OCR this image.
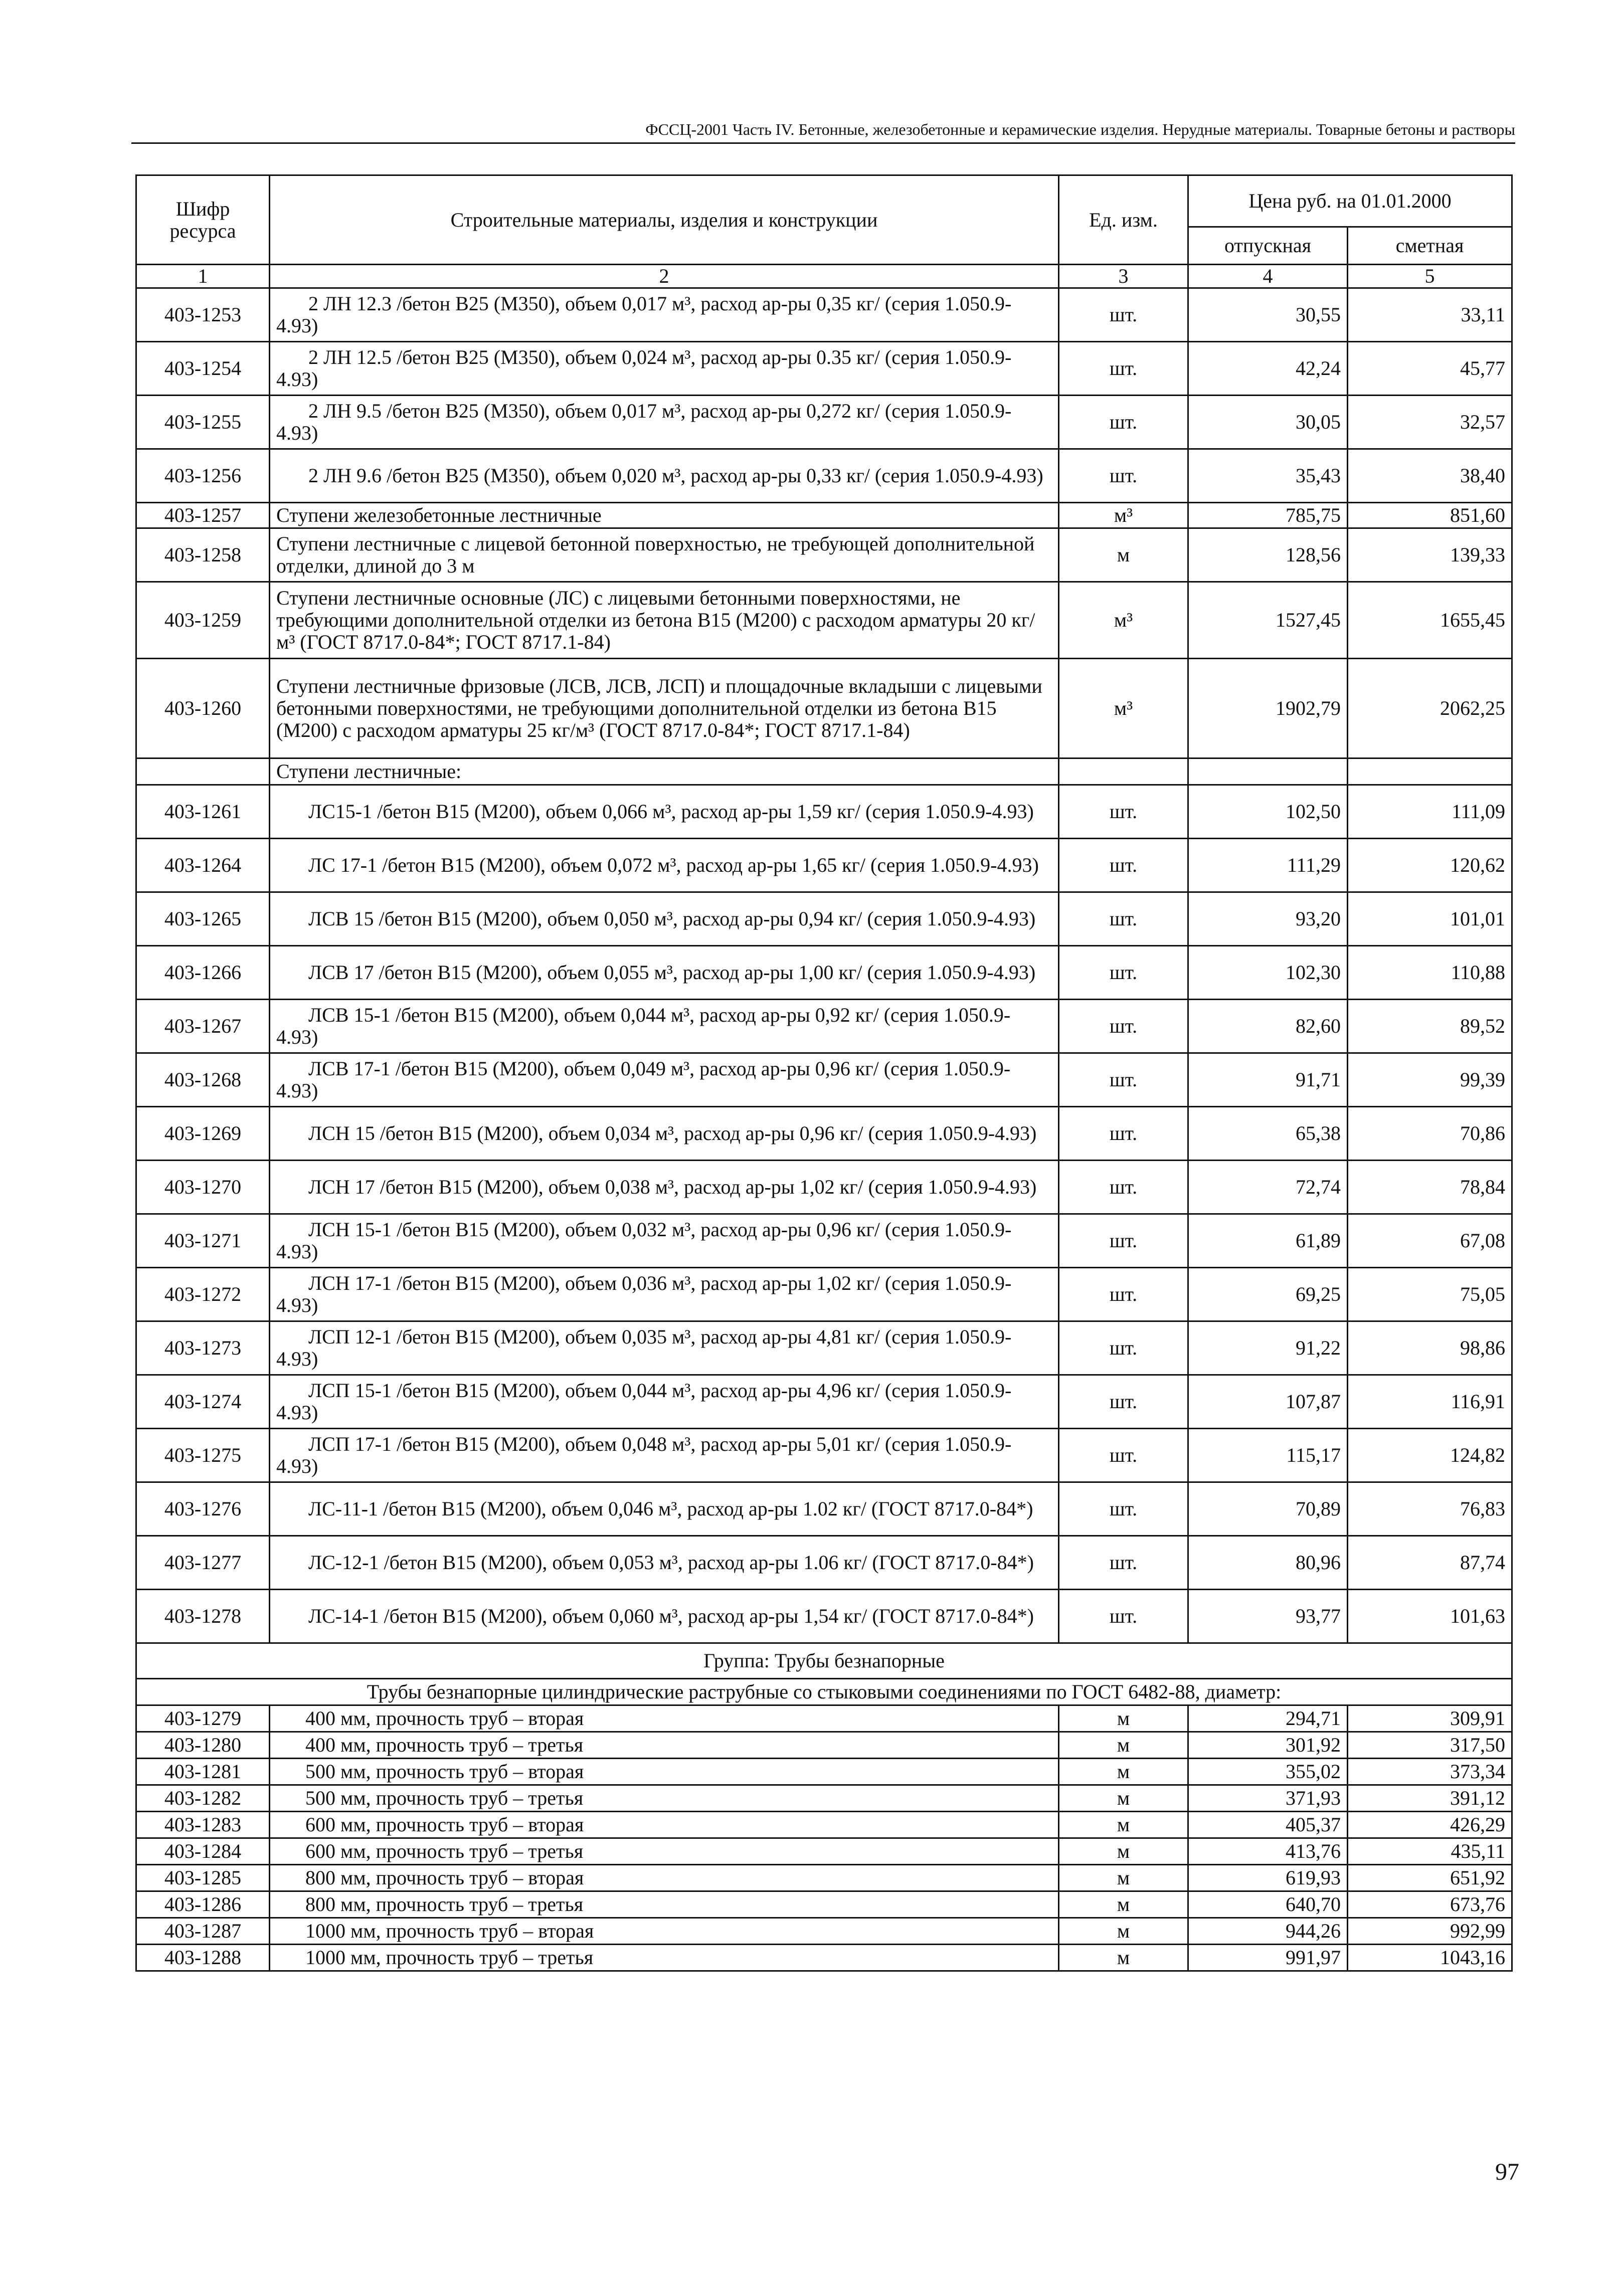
ФССЦ-2001 Часть IV. Бетонные, железобетонные и керамические изделия. Нерудные материалы. Товарные бетоны и растворы
Шифр ресурса	Строительные материалы, изделия и конструкции	Ед. изм.	Цена руб. на 01.01.2000	
			отпускная	сметная
1	2	3	4	5
403-1253	2 ЛН 12.3 /бетон В25 (М350), объем 0,017 м³, расход ар-ры 0,35 кг/ (серия 1.050.9-4.93)	шт.	30,55	33,11
403-1254	2 ЛН 12.5 /бетон В25 (М350), объем 0,024 м³, расход ар-ры 0.35 кг/ (серия 1.050.9-4.93)	шт.	42,24	45,77
403-1255	2 ЛН 9.5 /бетон В25 (М350), объем 0,017 м³, расход ар-ры 0,272 кг/ (серия 1.050.9-4.93)	шт.	30,05	32,57
403-1256	2 ЛН 9.6 /бетон В25 (М350), объем 0,020 м³, расход ар-ры 0,33 кг/ (серия 1.050.9-4.93)	шт.	35,43	38,40
403-1257	Ступени железобетонные лестничные	м³	785,75	851,60
403-1258	Ступени лестничные с лицевой бетонной поверхностью, не требующей дополнительной отделки, длиной до 3 м	м	128,56	139,33
403-1259	Ступени лестничные основные (ЛС) с лицевыми бетонными поверхностями, не требующими дополнительной отделки из бетона В15 (М200) с расходом арматуры 20 кг/м³ (ГОСТ 8717.0-84*; ГОСТ 8717.1-84)	м³	1527,45	1655,45
403-1260	Ступени лестничные фризовые (ЛСВ, ЛСВ, ЛСП) и площадочные вкладыши с лицевыми бетонными поверхностями, не требующими дополнительной отделки из бетона В15 (М200) с расходом арматуры 25 кг/м³ (ГОСТ 8717.0-84*; ГОСТ 8717.1-84)	м³	1902,79	2062,25
	Ступени лестничные:			
403-1261	ЛС15-1 /бетон В15 (М200), объем 0,066 м³, расход ар-ры 1,59 кг/ (серия 1.050.9-4.93)	шт.	102,50	111,09
403-1264	ЛС 17-1 /бетон В15 (М200), объем 0,072 м³, расход ар-ры 1,65 кг/ (серия 1.050.9-4.93)	шт.	111,29	120,62
403-1265	ЛСВ 15 /бетон В15 (М200), объем 0,050 м³, расход ар-ры 0,94 кг/ (серия 1.050.9-4.93)	шт.	93,20	101,01
403-1266	ЛСВ 17 /бетон В15 (М200), объем 0,055 м³, расход ар-ры 1,00 кг/ (серия 1.050.9-4.93)	шт.	102,30	110,88
403-1267	ЛСВ 15-1 /бетон В15 (М200), объем 0,044 м³, расход ар-ры 0,92 кг/ (серия 1.050.9-4.93)	шт.	82,60	89,52
403-1268	ЛСВ 17-1 /бетон В15 (М200), объем 0,049 м³, расход ар-ры 0,96 кг/ (серия 1.050.9-4.93)	шт.	91,71	99,39
403-1269	ЛСН 15 /бетон В15 (М200), объем 0,034 м³, расход ар-ры 0,96 кг/ (серия 1.050.9-4.93)	шт.	65,38	70,86
403-1270	ЛСН 17 /бетон В15 (М200), объем 0,038 м³, расход ар-ры 1,02 кг/ (серия 1.050.9-4.93)	шт.	72,74	78,84
403-1271	ЛСН 15-1 /бетон В15 (М200), объем 0,032 м³, расход ар-ры 0,96 кг/ (серия 1.050.9-4.93)	шт.	61,89	67,08
403-1272	ЛСН 17-1 /бетон В15 (М200), объем 0,036 м³, расход ар-ры 1,02 кг/ (серия 1.050.9-4.93)	шт.	69,25	75,05
403-1273	ЛСП 12-1 /бетон В15 (М200), объем 0,035 м³, расход ар-ры 4,81 кг/ (серия 1.050.9-4.93)	шт.	91,22	98,86
403-1274	ЛСП 15-1 /бетон В15 (М200), объем 0,044 м³, расход ар-ры 4,96 кг/ (серия 1.050.9-4.93)	шт.	107,87	116,91
403-1275	ЛСП 17-1 /бетон В15 (М200), объем 0,048 м³, расход ар-ры 5,01 кг/ (серия 1.050.9-4.93)	шт.	115,17	124,82
403-1276	ЛС-11-1 /бетон В15 (М200), объем 0,046 м³, расход ар-ры 1.02 кг/ (ГОСТ 8717.0-84*)	шт.	70,89	76,83
403-1277	ЛС-12-1 /бетон В15 (М200), объем 0,053 м³, расход ар-ры 1.06 кг/ (ГОСТ 8717.0-84*)	шт.	80,96	87,74
403-1278	ЛС-14-1 /бетон В15 (М200), объем 0,060 м³, расход ар-ры 1,54 кг/ (ГОСТ 8717.0-84*)	шт.	93,77	101,63
Группа: Трубы безнапорные				
Трубы безнапорные цилиндрические раструбные со стыковыми соединениями по ГОСТ 6482-88, диаметр:				
403-1279	400 мм, прочность труб – вторая	м	294,71	309,91
403-1280	400 мм, прочность труб – третья	м	301,92	317,50
403-1281	500 мм, прочность труб – вторая	м	355,02	373,34
403-1282	500 мм, прочность труб – третья	м	371,93	391,12
403-1283	600 мм, прочность труб – вторая	м	405,37	426,29
403-1284	600 мм, прочность труб – третья	м	413,76	435,11
403-1285	800 мм, прочность труб – вторая	м	619,93	651,92
403-1286	800 мм, прочность труб – третья	м	640,70	673,76
403-1287	1000 мм, прочность труб – вторая	м	944,26	992,99
403-1288	1000 мм, прочность труб – третья	м	991,97	1043,16
97
